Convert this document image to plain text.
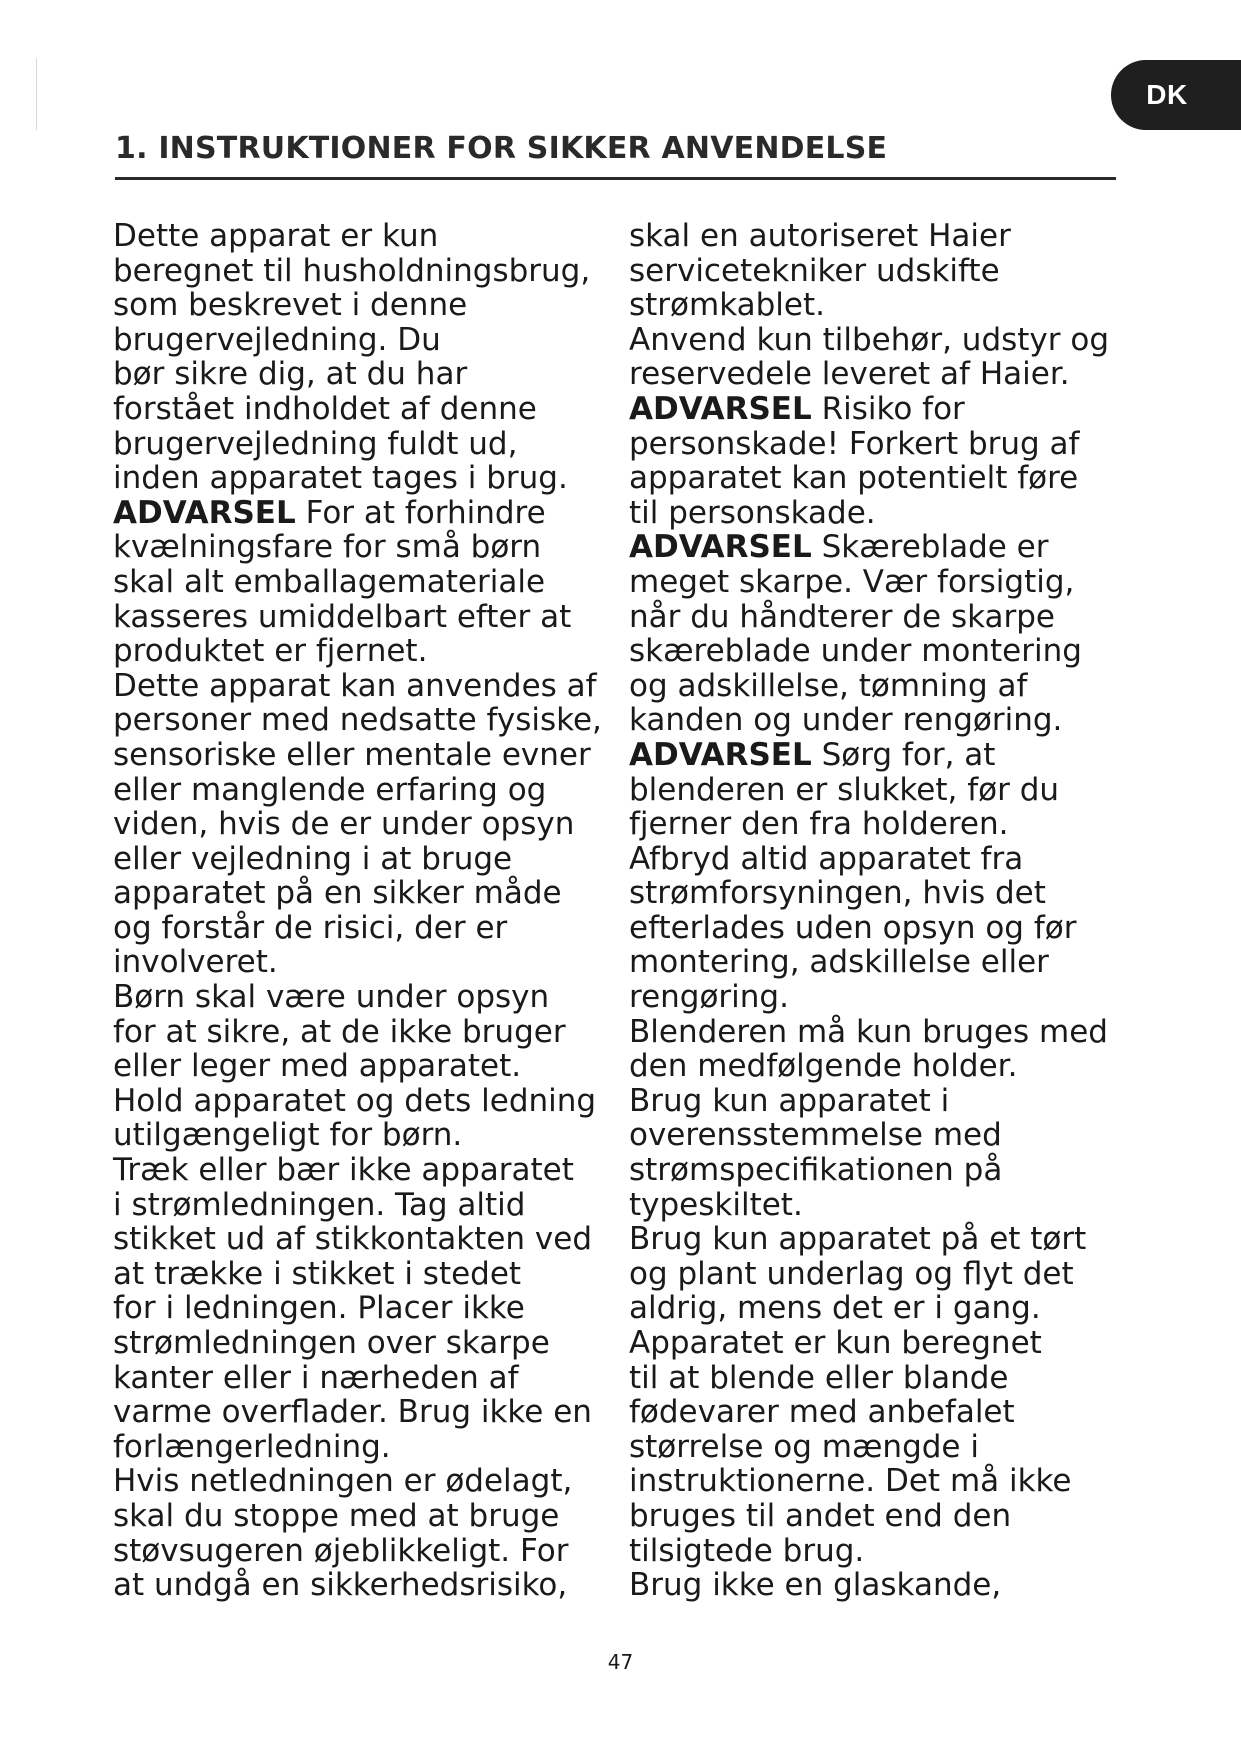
DK
1. INSTRUKTIONER FOR SIKKER ANVENDELSE
Dette apparat er kun
beregnet til husholdningsbrug,
som beskrevet i denne
brugervejledning. Du
bør sikre dig, at du har
forstået indholdet af denne
brugervejledning fuldt ud,
inden apparatet tages i brug.
ADVARSEL For at forhindre
kvælningsfare for små børn
skal alt emballagemateriale
kasseres umiddelbart efter at
produktet er fjernet.
Dette apparat kan anvendes af
personer med nedsatte fysiske,
sensoriske eller mentale evner
eller manglende erfaring og
viden, hvis de er under opsyn
eller vejledning i at bruge
apparatet på en sikker måde
og forstår de risici, der er
involveret.
Børn skal være under opsyn
for at sikre, at de ikke bruger
eller leger med apparatet.
Hold apparatet og dets ledning
utilgængeligt for børn.
Træk eller bær ikke apparatet
i strømledningen. Tag altid
stikket ud af stikkontakten ved
at trække i stikket i stedet
for i ledningen. Placer ikke
strømledningen over skarpe
kanter eller i nærheden af
varme overflader. Brug ikke en
forlængerledning.
Hvis netledningen er ødelagt,
skal du stoppe med at bruge
støvsugeren øjeblikkeligt. For
at undgå en sikkerhedsrisiko,
skal en autoriseret Haier
servicetekniker udskifte
strømkablet.
Anvend kun tilbehør, udstyr og
reservedele leveret af Haier.
ADVARSEL Risiko for
personskade! Forkert brug af
apparatet kan potentielt føre
til personskade.
ADVARSEL Skæreblade er
meget skarpe. Vær forsigtig,
når du håndterer de skarpe
skæreblade under montering
og adskillelse, tømning af
kanden og under rengøring.
ADVARSEL Sørg for, at
blenderen er slukket, før du
fjerner den fra holderen.
Afbryd altid apparatet fra
strømforsyningen, hvis det
efterlades uden opsyn og før
montering, adskillelse eller
rengøring.
Blenderen må kun bruges med
den medfølgende holder.
Brug kun apparatet i
overensstemmelse med
strømspecifikationen på
typeskiltet.
Brug kun apparatet på et tørt
og plant underlag og flyt det
aldrig, mens det er i gang.
Apparatet er kun beregnet
til at blende eller blande
fødevarer med anbefalet
størrelse og mængde i
instruktionerne. Det må ikke
bruges til andet end den
tilsigtede brug.
Brug ikke en glaskande,
47
